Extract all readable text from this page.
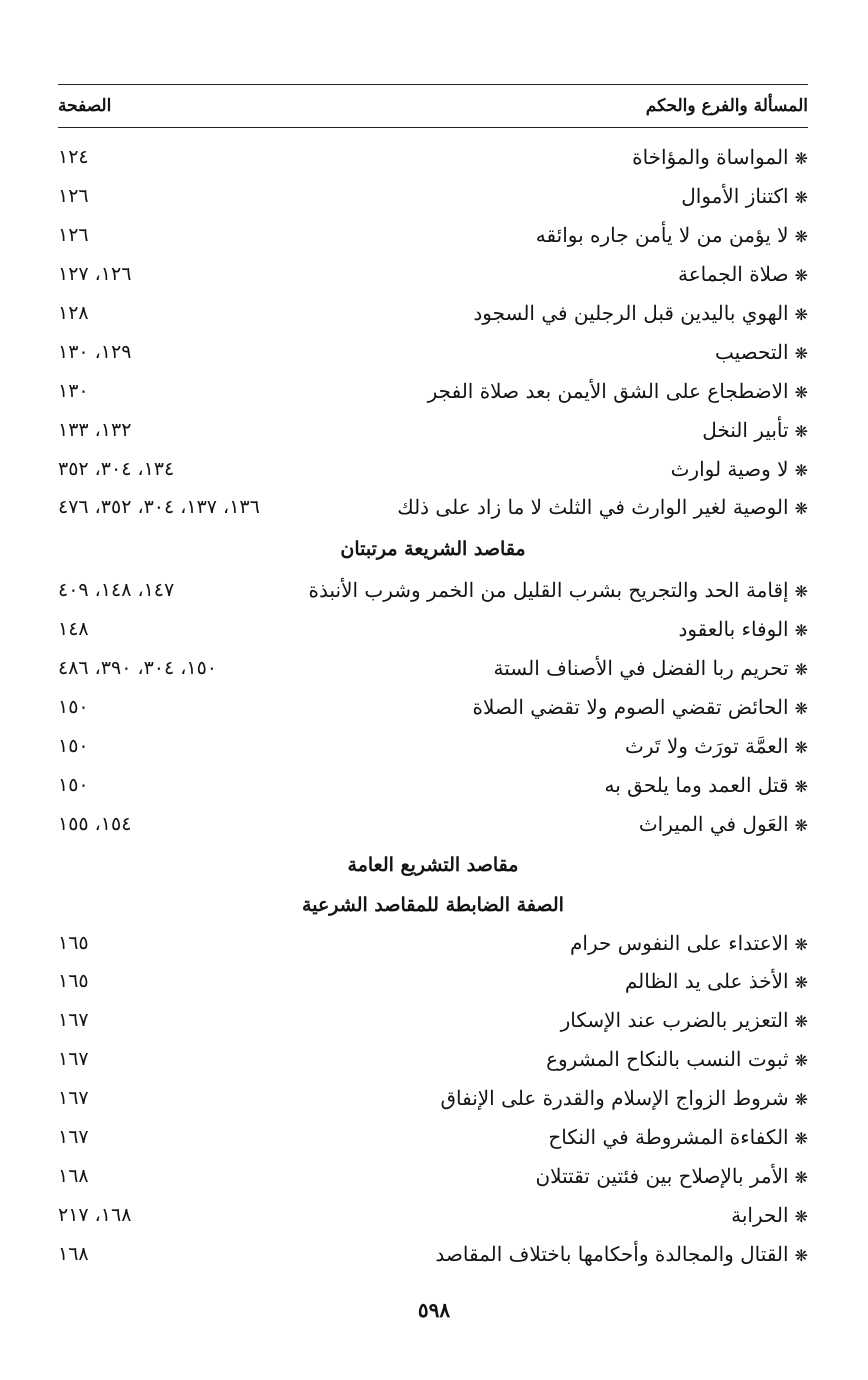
المسألة والفرع والحكم
الصفحة
❋المواساة والمؤاخاة
١٢٤
❋اكتناز الأموال
١٢٦
❋لا يؤمن من لا يأمن جاره بوائقه
١٢٦
❋صلاة الجماعة
١٢٦، ١٢٧
❋الهوي باليدين قبل الرجلين في السجود
١٢٨
❋التحصيب
١٢٩، ١٣٠
❋الاضطجاع على الشق الأيمن بعد صلاة الفجر
١٣٠
❋تأبير النخل
١٣٢، ١٣٣
❋لا وصية لوارث
١٣٤، ٣٠٤، ٣٥٢
❋الوصية لغير الوارث في الثلث لا ما زاد على ذلك
١٣٦، ١٣٧، ٣٠٤، ٣٥٢، ٤٧٦
مقاصد الشريعة مرتبتان
❋إقامة الحد والتجريح بشرب القليل من الخمر وشرب الأنبذة
١٤٧، ١٤٨، ٤٠٩
❋الوفاء بالعقود
١٤٨
❋تحريم ربا الفضل في الأصناف الستة
١٥٠، ٣٠٤، ٣٩٠، ٤٨٦
❋الحائض تقضي الصوم ولا تقضي الصلاة
١٥٠
❋العمَّة تورَث ولا تَرث
١٥٠
❋قتل العمد وما يلحق به
١٥٠
❋العَول في الميراث
١٥٤، ١٥٥
مقاصد التشريع العامة
الصفة الضابطة للمقاصد الشرعية
❋الاعتداء على النفوس حرام
١٦٥
❋الأخذ على يد الظالم
١٦٥
❋التعزير بالضرب عند الإسكار
١٦٧
❋ثبوت النسب بالنكاح المشروع
١٦٧
❋شروط الزواج الإسلام والقدرة على الإنفاق
١٦٧
❋الكفاءة المشروطة في النكاح
١٦٧
❋الأمر بالإصلاح بين فئتين تقتتلان
١٦٨
❋الحرابة
١٦٨، ٢١٧
❋القتال والمجالدة وأحكامها باختلاف المقاصد
١٦٨
٥٩٨
